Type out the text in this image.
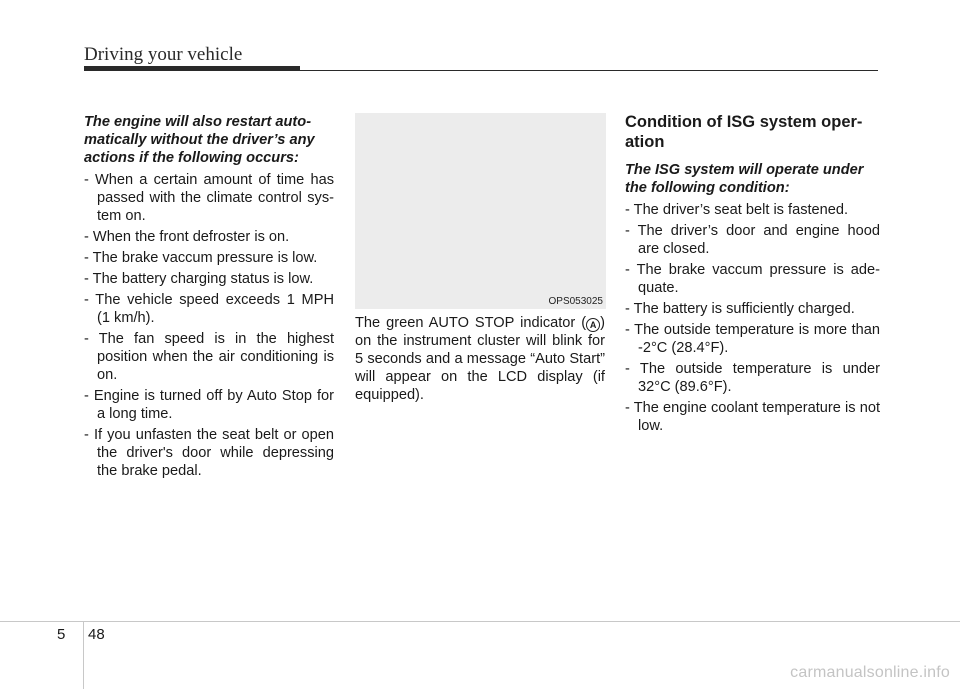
Driving your vehicle
The engine will also restart auto-matically without the driver’s any actions if the following occurs:
- When a certain amount of time has passed with the climate control sys-tem on.
- When the front defroster is on.
- The brake vaccum pressure is low.
- The battery charging status is low.
- The vehicle speed exceeds 1 MPH (1 km/h).
- The fan speed is in the highest position when the air conditioning is on.
- Engine is turned off by Auto Stop for a long time.
- If you unfasten the seat belt or open the driver's door while depressing the brake pedal.
OPS053025
The green AUTO STOP indicator ( A ) on the instrument cluster will blink for 5 seconds and a message “Auto Start” will appear on the LCD display (if equipped).
Condition of ISG system oper-ation
The ISG system will operate under the following condition:
- The driver’s seat belt is fastened.
- The driver’s door and engine hood are closed.
- The brake vaccum pressure is ade-quate.
- The battery is sufficiently charged.
- The outside temperature is more than -2°C (28.4°F).
- The outside temperature is under 32°C (89.6°F).
- The engine coolant temperature is not low.
5 48
carmanualsonline.info
